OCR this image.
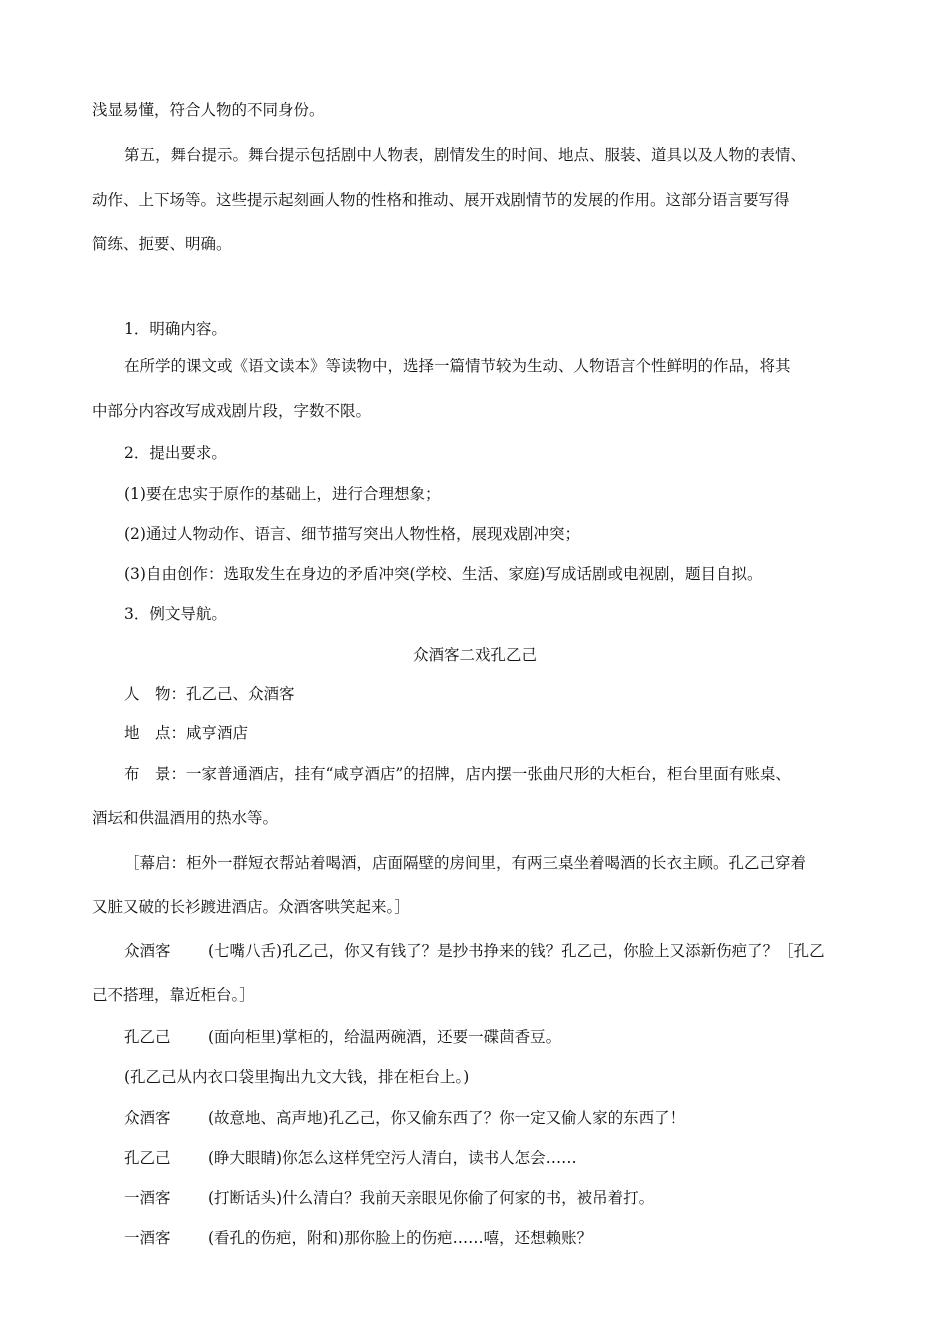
浅显易懂，符合人物的不同身份。
第五，舞台提示。舞台提示包括剧中人物表，剧情发生的时间、地点、服装、道具以及人物的表情、
动作、上下场等。这些提示起刻画人物的性格和推动、展开戏剧情节的发展的作用。这部分语言要写得
简练、扼要、明确。
1．明确内容。
在所学的课文或《语文读本》等读物中，选择一篇情节较为生动、人物语言个性鲜明的作品，将其
中部分内容改写成戏剧片段，字数不限。
2．提出要求。
(1)要在忠实于原作的基础上，进行合理想象；
(2)通过人物动作、语言、细节描写突出人物性格，展现戏剧冲突；
(3)自由创作：选取发生在身边的矛盾冲突(学校、生活、家庭)写成话剧或电视剧，题目自拟。
3．例文导航。
众酒客二戏孔乙己
人　物：孔乙己、众酒客
地　点：咸亨酒店
布　景：一家普通酒店，挂有“咸亨酒店”的招牌，店内摆一张曲尺形的大柜台，柜台里面有账桌、
酒坛和供温酒用的热水等。
［幕启：柜外一群短衣帮站着喝酒，店面隔壁的房间里，有两三桌坐着喝酒的长衣主顾。孔乙己穿着
又脏又破的长衫踱进酒店。众酒客哄笑起来。］
众酒客 (七嘴八舌)孔乙己，你又有钱了？是抄书挣来的钱？孔乙己，你脸上又添新伤疤了？［孔乙
己不搭理，靠近柜台。］
孔乙己 (面向柜里)掌柜的，给温两碗酒，还要一碟茴香豆。
(孔乙己从内衣口袋里掏出九文大钱，排在柜台上。)
众酒客 (故意地、高声地)孔乙己，你又偷东西了？你一定又偷人家的东西了！
孔乙己 (睁大眼睛)你怎么这样凭空污人清白，读书人怎会……
一酒客 (打断话头)什么清白？我前天亲眼见你偷了何家的书，被吊着打。
一酒客 (看孔的伤疤，附和)那你脸上的伤疤……嘻，还想赖账？
